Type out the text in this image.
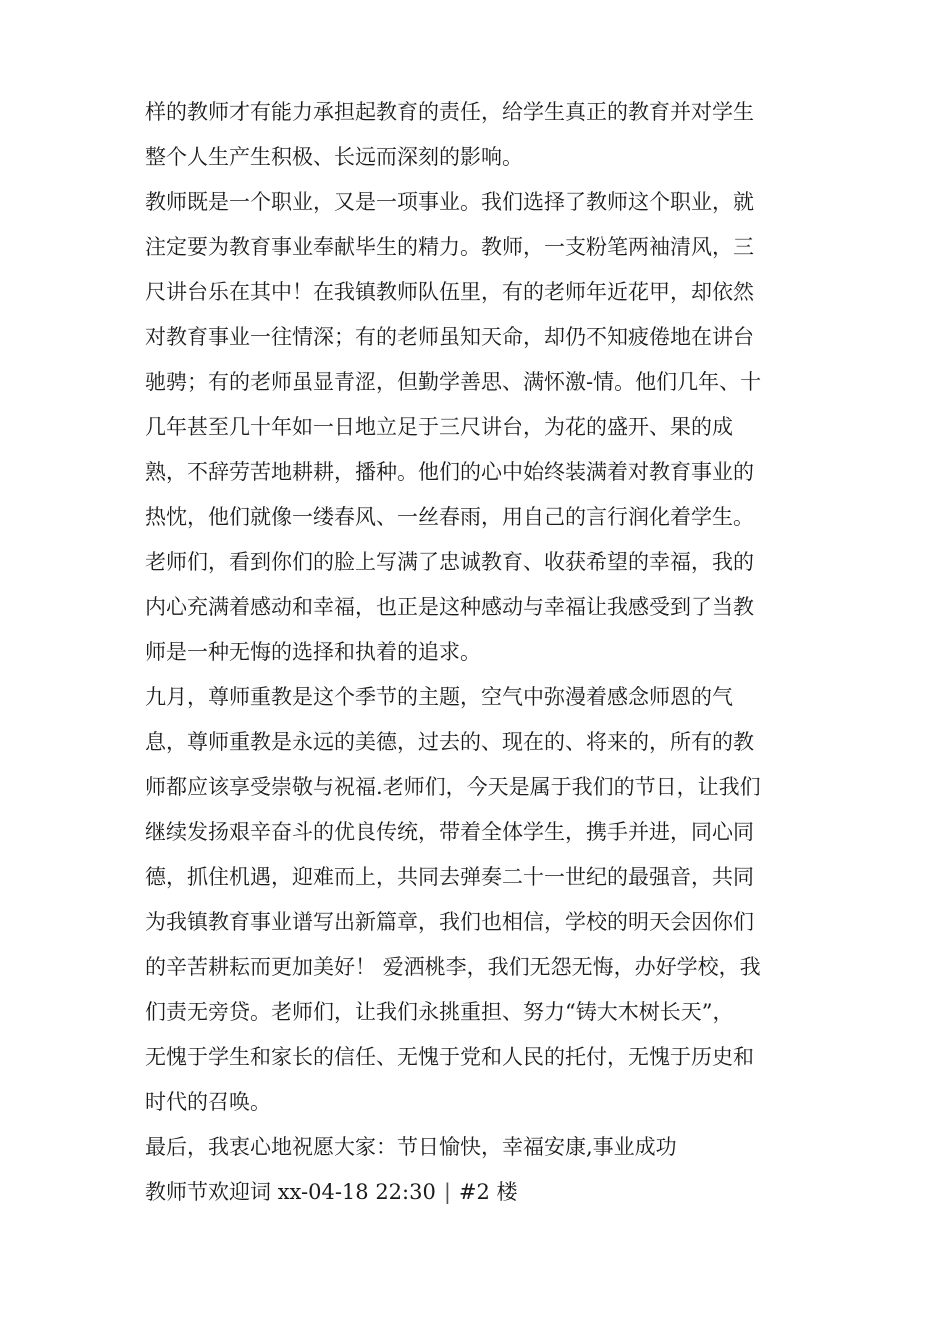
样的教师才有能力承担起教育的责任，给学生真正的教育并对学生
整个人生产生积极、长远而深刻的影响。
教师既是一个职业，又是一项事业。我们选择了教师这个职业，就
注定要为教育事业奉献毕生的精力。教师，一支粉笔两袖清风，三
尺讲台乐在其中！在我镇教师队伍里，有的老师年近花甲，却依然
对教育事业一往情深；有的老师虽知天命，却仍不知疲倦地在讲台
驰骋；有的老师虽显青涩，但勤学善思、满怀激-情。他们几年、十
几年甚至几十年如一日地立足于三尺讲台，为花的盛开、果的成
熟，不辞劳苦地耕耕，播种。他们的心中始终装满着对教育事业的
热忱，他们就像一缕春风、一丝春雨，用自己的言行润化着学生。
老师们，看到你们的脸上写满了忠诚教育、收获希望的幸福，我的
内心充满着感动和幸福，也正是这种感动与幸福让我感受到了当教
师是一种无悔的选择和执着的追求。
九月，尊师重教是这个季节的主题，空气中弥漫着感念师恩的气
息，尊师重教是永远的美德，过去的、现在的、将来的，所有的教
师都应该享受崇敬与祝福.老师们，今天是属于我们的节日，让我们
继续发扬艰辛奋斗的优良传统，带着全体学生，携手并进，同心同
德，抓住机遇，迎难而上，共同去弹奏二十一世纪的最强音，共同
为我镇教育事业谱写出新篇章，我们也相信，学校的明天会因你们
的辛苦耕耘而更加美好！ 爱洒桃李，我们无怨无悔，办好学校，我
们责无旁贷。老师们，让我们永挑重担、努力“铸大木树长天”，
无愧于学生和家长的信任、无愧于党和人民的托付，无愧于历史和
时代的召唤。
最后，我衷心地祝愿大家：节日愉快，幸福安康,事业成功
教师节欢迎词 xx-04-18 22:30 | #2 楼
